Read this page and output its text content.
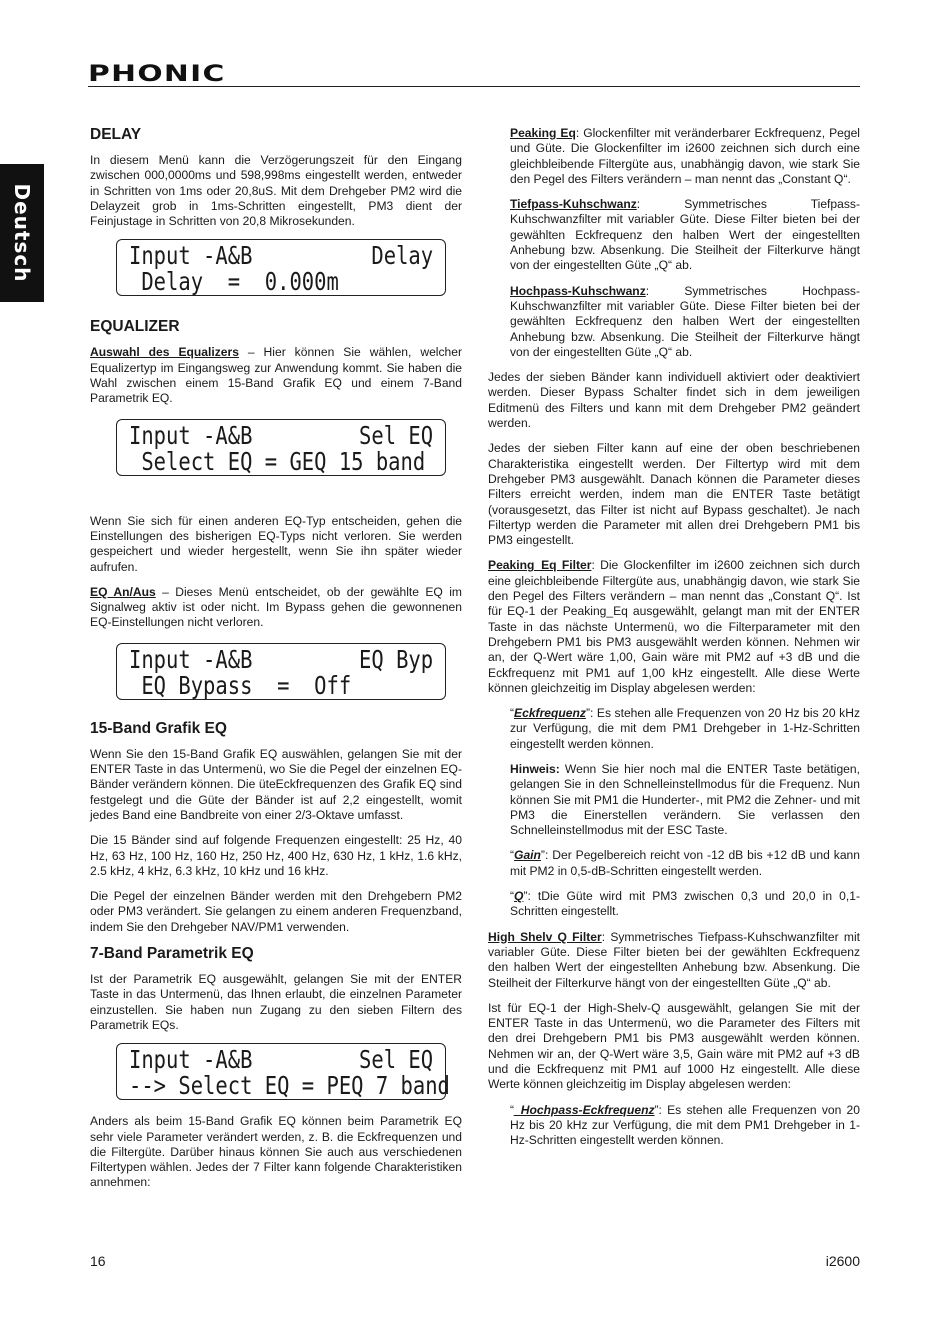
PHONIC
Deutsch
DELAY

In diesem Menü kann die Verzögerungszeit für den Eingang zwischen 000,0000ms und 598,998ms eingestellt werden, entweder in Schritten von 1ms oder 20,8uS. Mit dem Drehgeber PM2 wird die Delayzeit grob in 1ms-Schritten eingestellt, PM3 dient der Feinjustage in Schritten von 20,8 Mikrosekunden.

Input -A&B	Delay
Delay  =  0.000m
EQUALIZER

Auswahl des Equalizers – Hier können Sie wählen, welcher Equalizertyp im Eingangsweg zur Anwendung kommt. Sie haben die Wahl zwischen einem 15-Band Grafik EQ und einem 7-Band Parametrik EQ.

Input -A&B	Sel EQ
Select EQ = GEQ 15 band

Wenn Sie sich für einen anderen EQ-Typ entscheiden, gehen die Einstellungen des bisherigen EQ-Typs nicht verloren. Sie werden gespeichert und wieder hergestellt, wenn Sie ihn später wieder aufrufen.

EQ An/Aus – Dieses Menü entscheidet, ob der gewählte EQ im Signalweg aktiv ist oder nicht. Im Bypass gehen die gewonnenen EQ-Einstellungen nicht verloren.

Input -A&B	EQ Byp
EQ Bypass  =  Off
15-Band Grafik EQ

Wenn Sie den 15-Band Grafik EQ auswählen, gelangen Sie mit der ENTER Taste in das Untermenü, wo Sie die Pegel der einzelnen EQ-Bänder verändern können. Die üteEckfrequenzen des Grafik EQ sind festgelegt und die Güte der Bänder ist auf 2,2 eingestellt, womit jedes Band eine Bandbreite von einer 2/3-Oktave umfasst.

Die 15 Bänder sind auf folgende Frequenzen eingestellt: 25 Hz, 40 Hz, 63 Hz, 100 Hz, 160 Hz, 250 Hz, 400 Hz, 630 Hz, 1 kHz, 1.6 kHz, 2.5 kHz, 4 kHz, 6.3 kHz, 10 kHz und 16 kHz.

Die Pegel der einzelnen Bänder werden mit den Drehgebern PM2 oder PM3 verändert. Sie gelangen zu einem anderen Frequenzband, indem Sie den Drehgeber NAV/PM1 verwenden.

7-Band Parametrik EQ

Ist der Parametrik EQ ausgewählt, gelangen Sie mit der ENTER Taste in das Untermenü, das Ihnen erlaubt, die einzelnen Parameter einzustellen. Sie haben nun Zugang zu den sieben Filtern des Parametrik EQs.

Input -A&B	Sel EQ
--> Select EQ = PEQ 7 band

Anders als beim 15-Band Grafik EQ können beim Parametrik EQ sehr viele Parameter verändert werden, z. B. die Eckfrequenzen und die Filtergüte. Darüber hinaus können Sie auch aus verschiedenen Filtertypen wählen. Jedes der 7 Filter kann folgende Charakteristiken annehmen:

Peaking Eq: Glockenfilter mit veränderbarer Eckfrequenz, Pegel und Güte. Die Glockenfilter im i2600 zeichnen sich durch eine gleichbleibende Filtergüte aus, unabhängig davon, wie stark Sie den Pegel des Filters verändern – man nennt das „Constant Q“.

Tiefpass-Kuhschwanz: Symmetrisches Tiefpass-Kuhschwanzfilter mit variabler Güte. Diese Filter bieten bei der gewählten Eckfrequenz den halben Wert der eingestellten Anhebung bzw. Absenkung. Die Steilheit der Filterkurve hängt von der eingestellten Güte „Q“ ab.

Hochpass-Kuhschwanz: Symmetrisches Hochpass-Kuhschwanzfilter mit variabler Güte. Diese Filter bieten bei der gewählten Eckfrequenz den halben Wert der eingestellten Anhebung bzw. Absenkung. Die Steilheit der Filterkurve hängt von der eingestellten Güte „Q“ ab.

Jedes der sieben Bänder kann individuell aktiviert oder deaktiviert werden. Dieser Bypass Schalter findet sich in dem jeweiligen Editmenü des Filters und kann mit dem Drehgeber PM2 geändert werden.

Jedes der sieben Filter kann auf eine der oben beschriebenen Charakteristika eingestellt werden. Der Filtertyp wird mit dem Drehgeber PM3 ausgewählt. Danach können die Parameter dieses Filters erreicht werden, indem man die ENTER Taste betätigt (vorausgesetzt, das Filter ist nicht auf Bypass geschaltet). Je nach Filtertyp werden die Parameter mit allen drei Drehgebern PM1 bis PM3 eingestellt.

Peaking_Eq Filter: Die Glockenfilter im i2600 zeichnen sich durch eine gleichbleibende Filtergüte aus, unabhängig davon, wie stark Sie den Pegel des Filters verändern – man nennt das „Constant Q“. Ist für EQ-1 der Peaking_Eq ausgewählt, gelangt man mit der ENTER Taste in das nächste Untermenü, wo die Filterparameter mit den Drehgebern PM1 bis PM3 ausgewählt werden können. Nehmen wir an, der Q-Wert wäre 1,00, Gain wäre mit PM2 auf +3 dB und die Eckfrequenz mit PM1 auf 1,00 kHz eingestellt. Alle diese Werte können gleichzeitig im Display abgelesen werden:

“Eckfrequenz”: Es stehen alle Frequenzen von 20 Hz bis 20 kHz zur Verfügung, die mit dem PM1 Drehgeber in 1-Hz-Schritten eingestellt werden können.

Hinweis: Wenn Sie hier noch mal die ENTER Taste betätigen, gelangen Sie in den Schnelleinstellmodus für die Frequenz. Nun können Sie mit PM1 die Hunderter-, mit PM2 die Zehner- und mit PM3 die Einerstellen verändern. Sie verlassen den Schnelleinstellmodus mit der ESC Taste.

“Gain”: Der Pegelbereich reicht von -12 dB bis +12 dB und kann mit PM2 in 0,5-dB-Schritten eingestellt werden.

“Q”: tDie Güte wird mit PM3 zwischen 0,3 und 20,0 in 0,1-Schritten eingestellt.

High Shelv Q Filter: Symmetrisches Tiefpass-Kuhschwanzfilter mit variabler Güte. Diese Filter bieten bei der gewählten Eckfrequenz den halben Wert der eingestellten Anhebung bzw. Absenkung. Die Steilheit der Filterkurve hängt von der eingestellten Güte „Q“ ab.

Ist für EQ-1 der High-Shelv-Q ausgewählt, gelangen Sie mit der ENTER Taste in das Untermenü, wo die Parameter des Filters mit den drei Drehgebern PM1 bis PM3 ausgewählt werden können. Nehmen wir an, der Q-Wert wäre 3,5, Gain wäre mit PM2 auf +3 dB und die Eckfrequenz mit PM1 auf 1000 Hz eingestellt. Alle diese Werte können gleichzeitig im Display abgelesen werden:

“_Hochpass-Eckfrequenz”: Es stehen alle Frequenzen von 20 Hz bis 20 kHz zur Verfügung, die mit dem PM1 Drehgeber in 1-Hz-Schritten eingestellt werden können.

16	i2600
